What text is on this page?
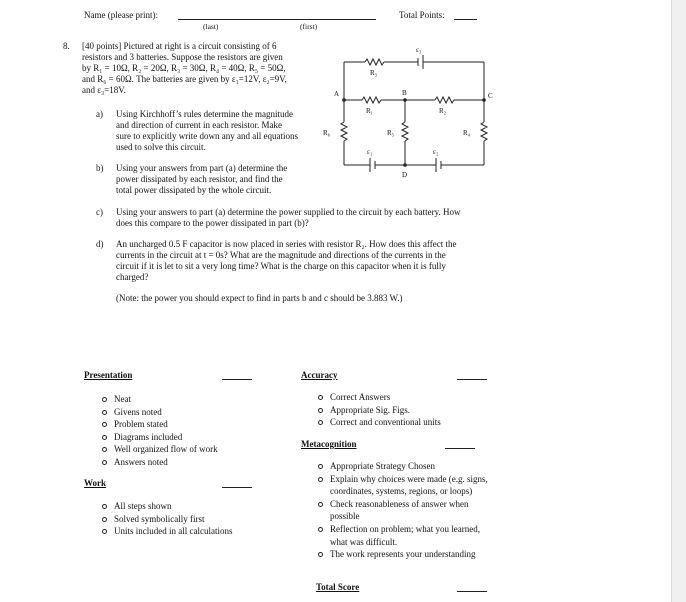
Name (please print):
(last)	(first)
Total Points:
8. [40 points] Pictured at right is a circuit consisting of 6
resistors and 3 batteries. Suppose the resistors are given
by R₁ = 10Ω, R₂ = 20Ω, R₃ = 30Ω, R₄ = 40Ω, R₅ = 50Ω,
and R₆ = 60Ω. The batteries are given by ε₁=12V, ε₂=9V,
and ε₃=18V.
a) Using Kirchhoff’s rules determine the magnitude
and direction of current in each resistor. Make
sure to explicitly write down any and all equations
used to solve this circuit.
b) Using your answers from part (a) determine the
power dissipated by each resistor, and find the
total power dissipated by the whole circuit.
A	B	C
D
R₃
ε₃
R₁	R₂
R₆	R₅	R₄
ε₁	ε₂
c) Using your answers to part (a) determine the power supplied to the circuit by each battery. How
does this compare to the power dissipated in part (b)?
d) An uncharged 0.5 F capacitor is now placed in series with resistor R₂. How does this affect the
currents in the circuit at t = 0s? What are the magnitude and directions of the currents in the
circuit if it is let to sit a very long time? What is the charge on this capacitor when it is fully
charged?
(Note: the power you should expect to find in parts b and c should be 3.883 W.)
Presentation
Neat
Givens noted
Problem stated
Diagrams included
Well organized flow of work
Answers noted
Work
All steps shown
Solved symbolically first
Units included in all calculations
Accuracy
Correct Answers
Appropriate Sig. Figs.
Correct and conventional units
Metacognition
Appropriate Strategy Chosen
Explain why choices were made (e.g. signs, coordinates, systems, regions, or loops)
Check reasonableness of answer when possible
Reflection on problem; what you learned, what was difficult.
The work represents your understanding
Total Score
